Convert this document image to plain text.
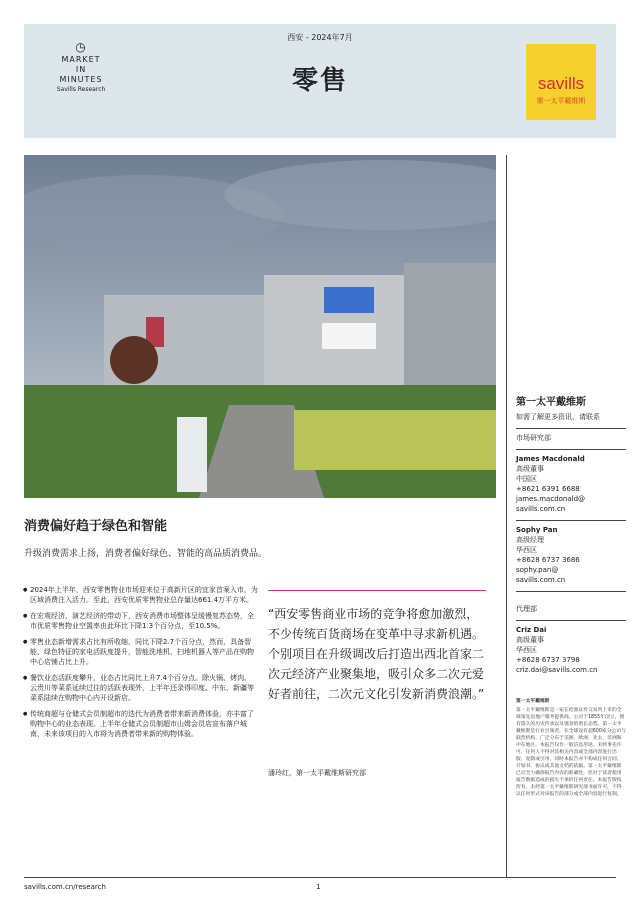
◷
MARKET
IN
MINUTES
Savills Research
西安 - 2024年7月
零售	savills
第一太平戴维斯
第一太平戴维斯
如需了解更多资讯，请联系
市场研究部
James Macdonald
高级董事
中国区
+8621 6391 6688
james.macdonald@
savills.com.cn
Sophy Pan
高级经理
华西区
+8628 6737 3686
sophy.pan@
savills.com.cn
代理部
Criz Dai
高级董事
华西区
+8628 6737 3798
criz.dai@savills.com.cn
第一太平戴维斯
第一太平戴维斯是一家在伦敦证券交易所上市的全球领先房地产服务提供商。公司于1855年创立，拥有悠久的历史传承以及强劲的增长态势。第一太平戴维斯是行业引领者，在全球设有超600家分公司与联营机构，广泛分布于美洲、欧洲、亚太、非洲和中东地区。本报告仅作一般信息用途。未经事先许可，任何人不得对其相关内容或全部内容进行出版、复制或引用。同时本报告亦不构成任何合同、计划书、协议或其他文档的依据。第一太平戴维斯已尽全力确保报告内容的准确性，但对于读者使用报告数据造成的损失不承担任何责任。本报告版权所有，未经第一太平戴维斯研究部书面许可，不得以任何形式对该报告的部分或全部内容进行复制。
消费偏好趋于绿色和智能
升级消费需求上扬，消费者偏好绿色、智能的高品质消费品。
● 2024年上半年，西安零售物业市场迎来位于高新片区的宜家首案入市，为区域消费注入活力。至此，西安优质零售物业总存量达661.4万平方米。
● 在宏观经济、演艺经济的带动下，西安消费市场整体呈缓慢复苏态势，全市优质零售物业空置率由此环比下降1.3个百分点，至10.5%。
● 零售业态新增需求占比有所收缩，同比下降2.7个百分点，然而，具备智能、绿色特征的家电活跃度提升，智能洗地机、扫地机器人等产品在购物中心店铺占比上升。
● 餐饮业态活跃度攀升，业态占比同比上升7.4个百分点。除火锅、烤肉、云贵川等菜系延续过往的活跃表现外，上半年还录得印度、中东、新疆等菜系陆续在购物中心内开设新店。
● 传统商超与仓储式会员制超市的迭代为消费者带来新消费体验，亦丰富了购物中心的业态表现。上半年仓储式会员制超市山姆会员店宣布落户城南，未来该项目的入市将为消费者带来新的购物体验。
“西安零售商业市场的竞争将愈加激烈，不少传统百货商场在变革中寻求新机遇。个别项目在升级调改后打造出西北首家二次元经济产业聚集地，吸引众多二次元爱好者前往，二次元文化引发新消费浪潮。”
潘玲红，第一太平戴维斯研究部
savills.com.cn/research	1
